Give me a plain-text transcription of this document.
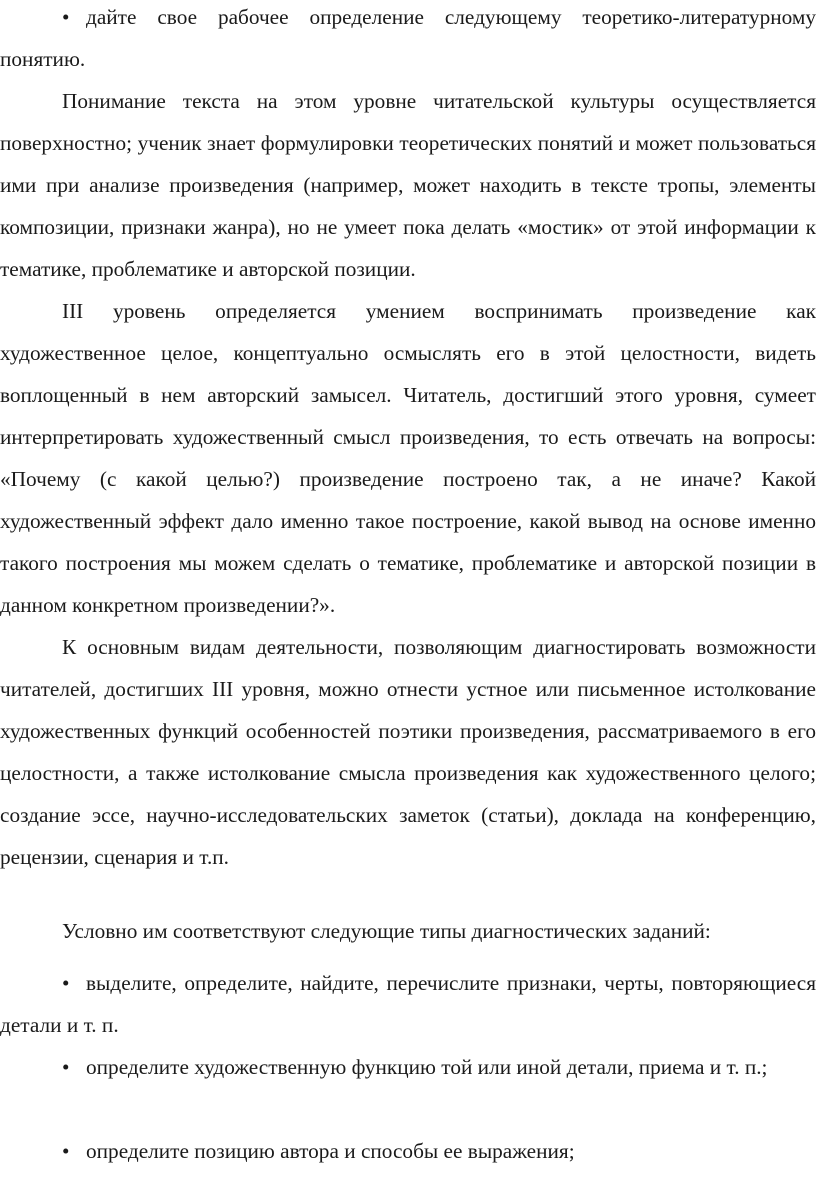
• дайте свое рабочее определение следующему теоретико-литературному понятию.

Понимание текста на этом уровне читательской культуры осуществляется поверхностно; ученик знает формулировки теоретических понятий и может пользоваться ими при анализе произведения (например, может находить в тексте тропы, элементы композиции, признаки жанра), но не умеет пока делать «мостик» от этой информации к тематике, проблематике и авторской позиции.

III уровень определяется умением воспринимать произведение как художественное целое, концептуально осмыслять его в этой целостности, видеть воплощенный в нем авторский замысел. Читатель, достигший этого уровня, сумеет интерпретировать художественный смысл произведения, то есть отвечать на вопросы: «Почему (с какой целью?) произведение построено так, а не иначе? Какой художественный эффект дало именно такое построение, какой вывод на основе именно такого построения мы можем сделать о тематике, проблематике и авторской позиции в данном конкретном произведении?».

К основным видам деятельности, позволяющим диагностировать возможности читателей, достигших III уровня, можно отнести устное или письменное истолкование художественных функций особенностей поэтики произведения, рассматриваемого в его целостности, а также истолкование смысла произведения как художественного целого; создание эссе, научно-исследовательских заметок (статьи), доклада на конференцию, рецензии, сценария и т.п.

Условно им соответствуют следующие типы диагностических заданий:

• выделите, определите, найдите, перечислите признаки, черты, повторяющиеся детали и т. п.

• определите художественную функцию той или иной детали, приема и т. п.;

• определите позицию автора и способы ее выражения;
